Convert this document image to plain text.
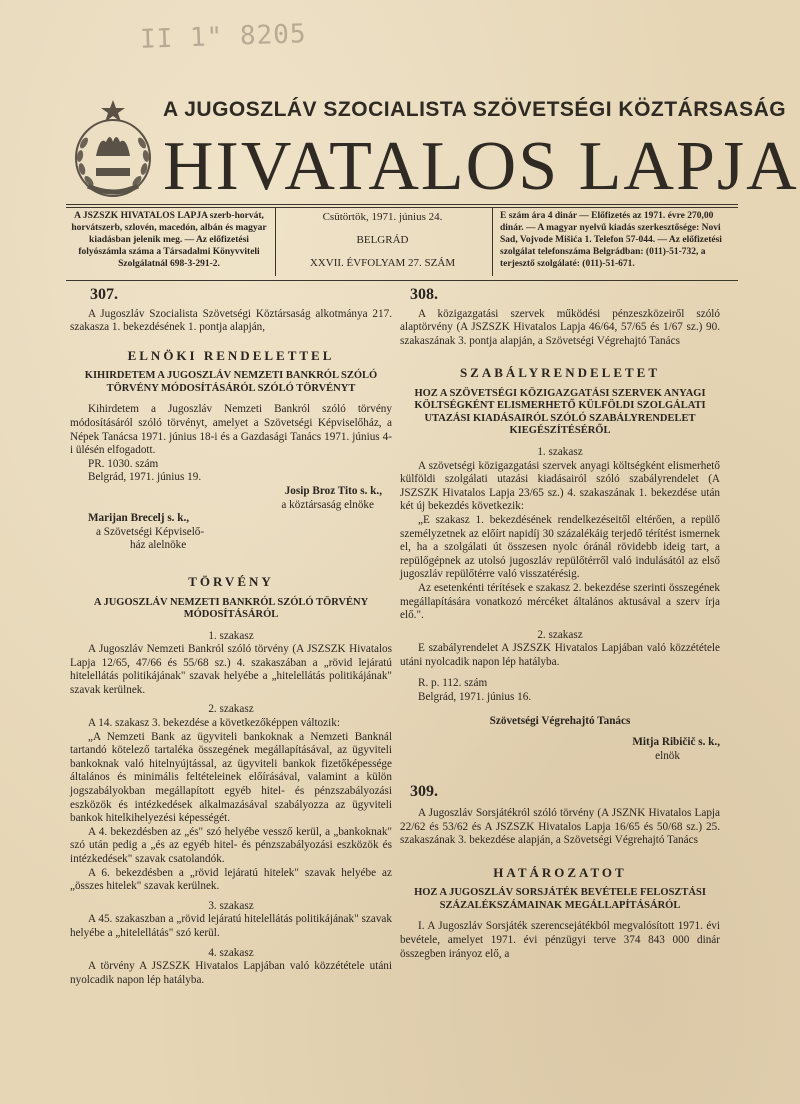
II 1" 8205
A JUGOSZLÁV SZOCIALISTA SZÖVETSÉGI KÖZTÁRSASÁG
HIVATALOS LAPJA
A JSZSZK HIVATALOS LAPJA szerb-horvát, horvátszerb, szlovén, macedón, albán és magyar kiadásban jelenik meg. — Az előfizetési folyószámla száma a Társadalmi Könyvviteli Szolgálatnál 698-3-291-2.
Csütörtök, 1971. június 24.
BELGRÁD
XXVII. ÉVFOLYAM 27. SZÁM
E szám ára 4 dinár — Előfizetés az 1971. évre 270,00 dinár. — A magyar nyelvű kiadás szerkesztősége: Novi Sad, Vojvode Mišića 1. Telefon 57-044. — Az előfizetési szolgálat telefonszáma Belgrádban: (011)-51-732, a terjesztő szolgálaté: (011)-51-671.
307.

A Jugoszláv Szocialista Szövetségi Köztársaság alkotmánya 217. szakasza 1. bekezdésének 1. pontja alapján,

ELNÖKI RENDELETTEL
KIHIRDETEM A JUGOSZLÁV NEMZETI BANKRÓL SZÓLÓ TÖRVÉNY MÓDOSÍTÁSÁRÓL SZÓLÓ TÖRVÉNYT

Kihirdetem a Jugoszláv Nemzeti Bankról szóló törvény módosításáról szóló törvényt, amelyet a Szövetségi Képviselőház, a Népek Tanácsa 1971. június 18-i és a Gazdasági Tanács 1971. június 4-i ülésén elfogadott.

PR. 1030. szám

Belgrád, 1971. június 19.

Josip Broz Tito s. k.,

a köztársaság elnöke

Marijan Brecelj s. k.,

a Szövetségi Képviselő-

ház alelnöke

TÖRVÉNY
A JUGOSZLÁV NEMZETI BANKRÓL SZÓLÓ TÖRVÉNY MÓDOSÍTÁSÁRÓL
1. szakasz

A Jugoszláv Nemzeti Bankról szóló törvény (A JSZSZK Hivatalos Lapja 12/65, 47/66 és 55/68 sz.) 4. szakaszában a „rövid lejáratú hitelellátás politikájának" szavak helyébe a „hitelellátás politikájának" szavak kerülnek.

2. szakasz

A 14. szakasz 3. bekezdése a következőképpen változik:

„A Nemzeti Bank az ügyviteli bankoknak a Nemzeti Banknál tartandó kötelező tartaléka összegének megállapításával, az ügyviteli bankoknak való hitelnyújtással, az ügyviteli bankok fizetőképessége általános és minimális feltételeinek előírásával, valamint a külön jogszabályokban megállapított egyéb hitel- és pénzszabályozási eszközök és intézkedések alkalmazásával szabályozza az ügyviteli bankok hitelkihelyezési képességét.

A 4. bekezdésben az „és" szó helyébe vessző kerül, a „bankoknak" szó után pedig a „és az egyéb hitel- és pénzszabályozási eszközök és intézkedések" szavak csatolandók.

A 6. bekezdésben a „rövid lejáratú hitelek" szavak helyébe az „összes hitelek" szavak kerülnek.

3. szakasz

A 45. szakaszban a „rövid lejáratú hitelellátás politikájának" szavak helyébe a „hitelellátás" szó kerül.

4. szakasz

A törvény A JSZSZK Hivatalos Lapjában való közzététele utáni nyolcadik napon lép hatályba.

308.

A közigazgatási szervek működési pénzeszközeiről szóló alaptörvény (A JSZSZK Hivatalos Lapja 46/64, 57/65 és 1/67 sz.) 90. szakaszának 3. pontja alapján, a Szövetségi Végrehajtó Tanács

SZABÁLYRENDELETET
HOZ A SZÖVETSÉGI KÖZIGAZGATÁSI SZERVEK ANYAGI KÖLTSÉGKÉNT ELISMERHETŐ KÜLFÖLDI SZOLGÁLATI UTAZÁSI KIADÁSAIRÓL SZÓLÓ SZABÁLYRENDELET KIEGÉSZÍTÉSÉRŐL
1. szakasz

A szövetségi közigazgatási szervek anyagi költségként elismerhető külföldi szolgálati utazási kiadásairól szóló szabályrendelet (A JSZSZK Hivatalos Lapja 23/65 sz.) 4. szakaszának 1. bekezdése után két új bekezdés következik:

„E szakasz 1. bekezdésének rendelkezéseitől eltérően, a repülő személyzetnek az előírt napidíj 30 százalékáig terjedő térítést ismernek el, ha a szolgálati út összesen nyolc óránál rövidebb ideig tart, a repülőgépnek az utolsó jugoszláv repülőtérről való indulásától az első jugoszláv repülőtérre való visszatérésig.

Az esetenkénti térítések e szakasz 2. bekezdése szerinti összegének megállapítására vonatkozó mércéket általános aktusával a szerv írja elő.".

2. szakasz

E szabályrendelet A JSZSZK Hivatalos Lapjában való közzététele utáni nyolcadik napon lép hatályba.

R. p. 112. szám

Belgrád, 1971. június 16.

Szövetségi Végrehajtó Tanács

Mitja Ribičič s. k.,

elnök

309.

A Jugoszláv Sorsjátékról szóló törvény (A JSZNK Hivatalos Lapja 22/62 és 53/62 és A JSZSZK Hivatalos Lapja 16/65 és 50/68 sz.) 25. szakaszának 3. bekezdése alapján, a Szövetségi Végrehajtó Tanács

HATÁROZATOT
HOZ A JUGOSZLÁV SORSJÁTÉK BEVÉTELE FELOSZTÁSI SZÁZALÉKSZÁMAINAK MEGÁLLAPÍTÁSÁRÓL

I. A Jugoszláv Sorsjáték szerencsejátékból megvalósított 1971. évi bevétele, amelyet 1971. évi pénzügyi terve 374 843 000 dinár összegben irányoz elő, a
